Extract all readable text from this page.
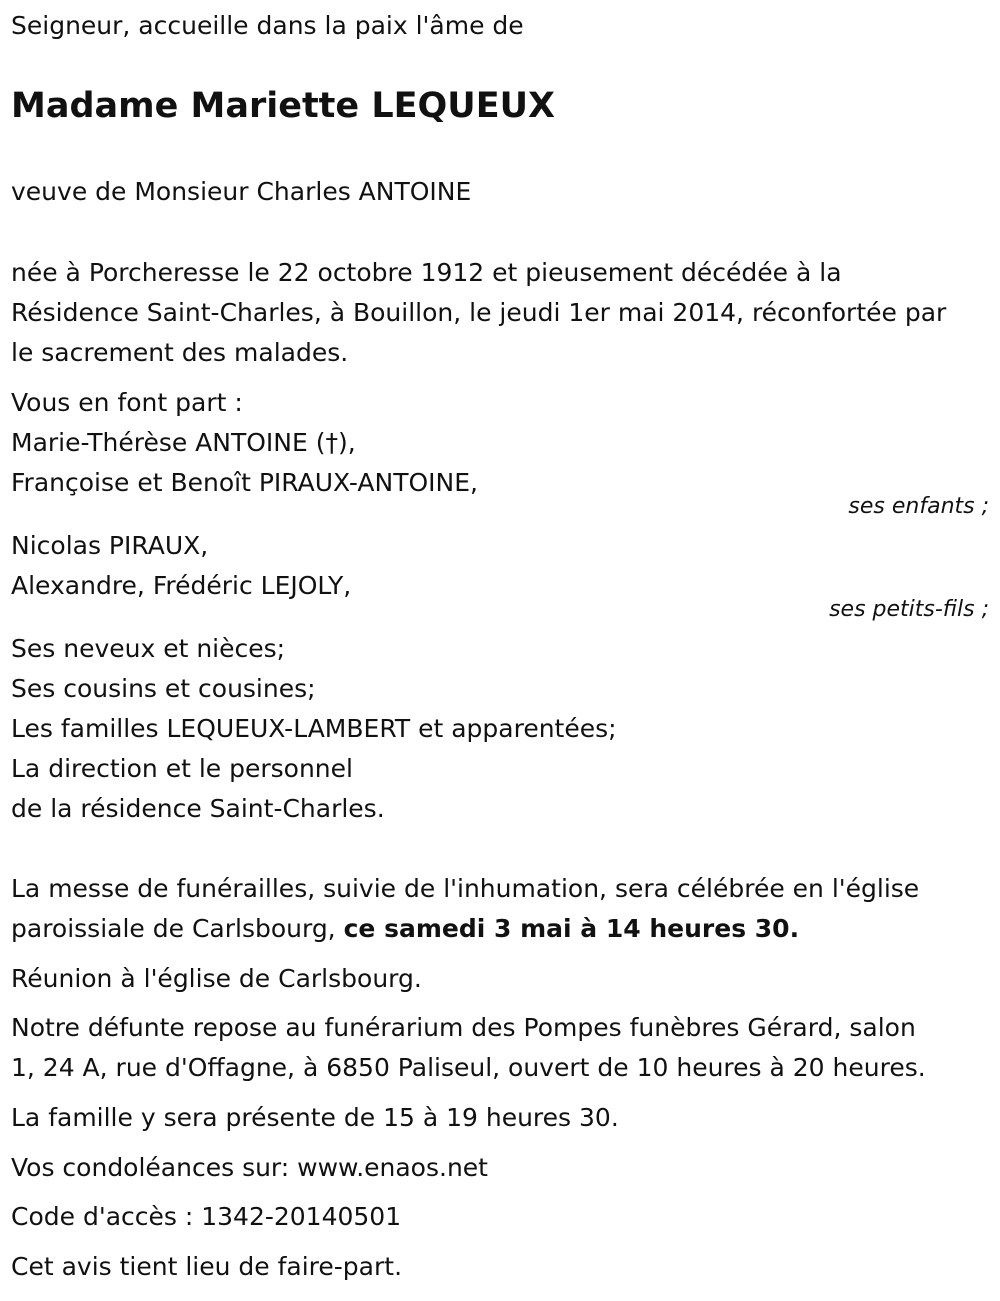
Seigneur, accueille dans la paix l'âme de

Madame Mariette LEQUEUX

veuve de Monsieur Charles ANTOINE

née à Porcheresse le 22 octobre 1912 et pieusement décédée à la

Résidence Saint-Charles, à Bouillon, le jeudi 1er mai 2014, réconfortée par

le sacrement des malades.

Vous en font part :

Marie-Thérèse ANTOINE (†),

Françoise et Benoît PIRAUX-ANTOINE,

ses enfants ;

Nicolas PIRAUX,

Alexandre, Frédéric LEJOLY,

ses petits-fils ;

Ses neveux et nièces;

Ses cousins et cousines;

Les familles LEQUEUX-LAMBERT et apparentées;

La direction et le personnel

de la résidence Saint-Charles.

La messe de funérailles, suivie de l'inhumation, sera célébrée en l'église

paroissiale de Carlsbourg, ce samedi 3 mai à 14 heures 30.

Réunion à l'église de Carlsbourg.

Notre défunte repose au funérarium des Pompes funèbres Gérard, salon

1, 24 A, rue d'Offagne, à 6850 Paliseul, ouvert de 10 heures à 20 heures.

La famille y sera présente de 15 à 19 heures 30.

Vos condoléances sur: www.enaos.net

Code d'accès : 1342-20140501

Cet avis tient lieu de faire-part.
